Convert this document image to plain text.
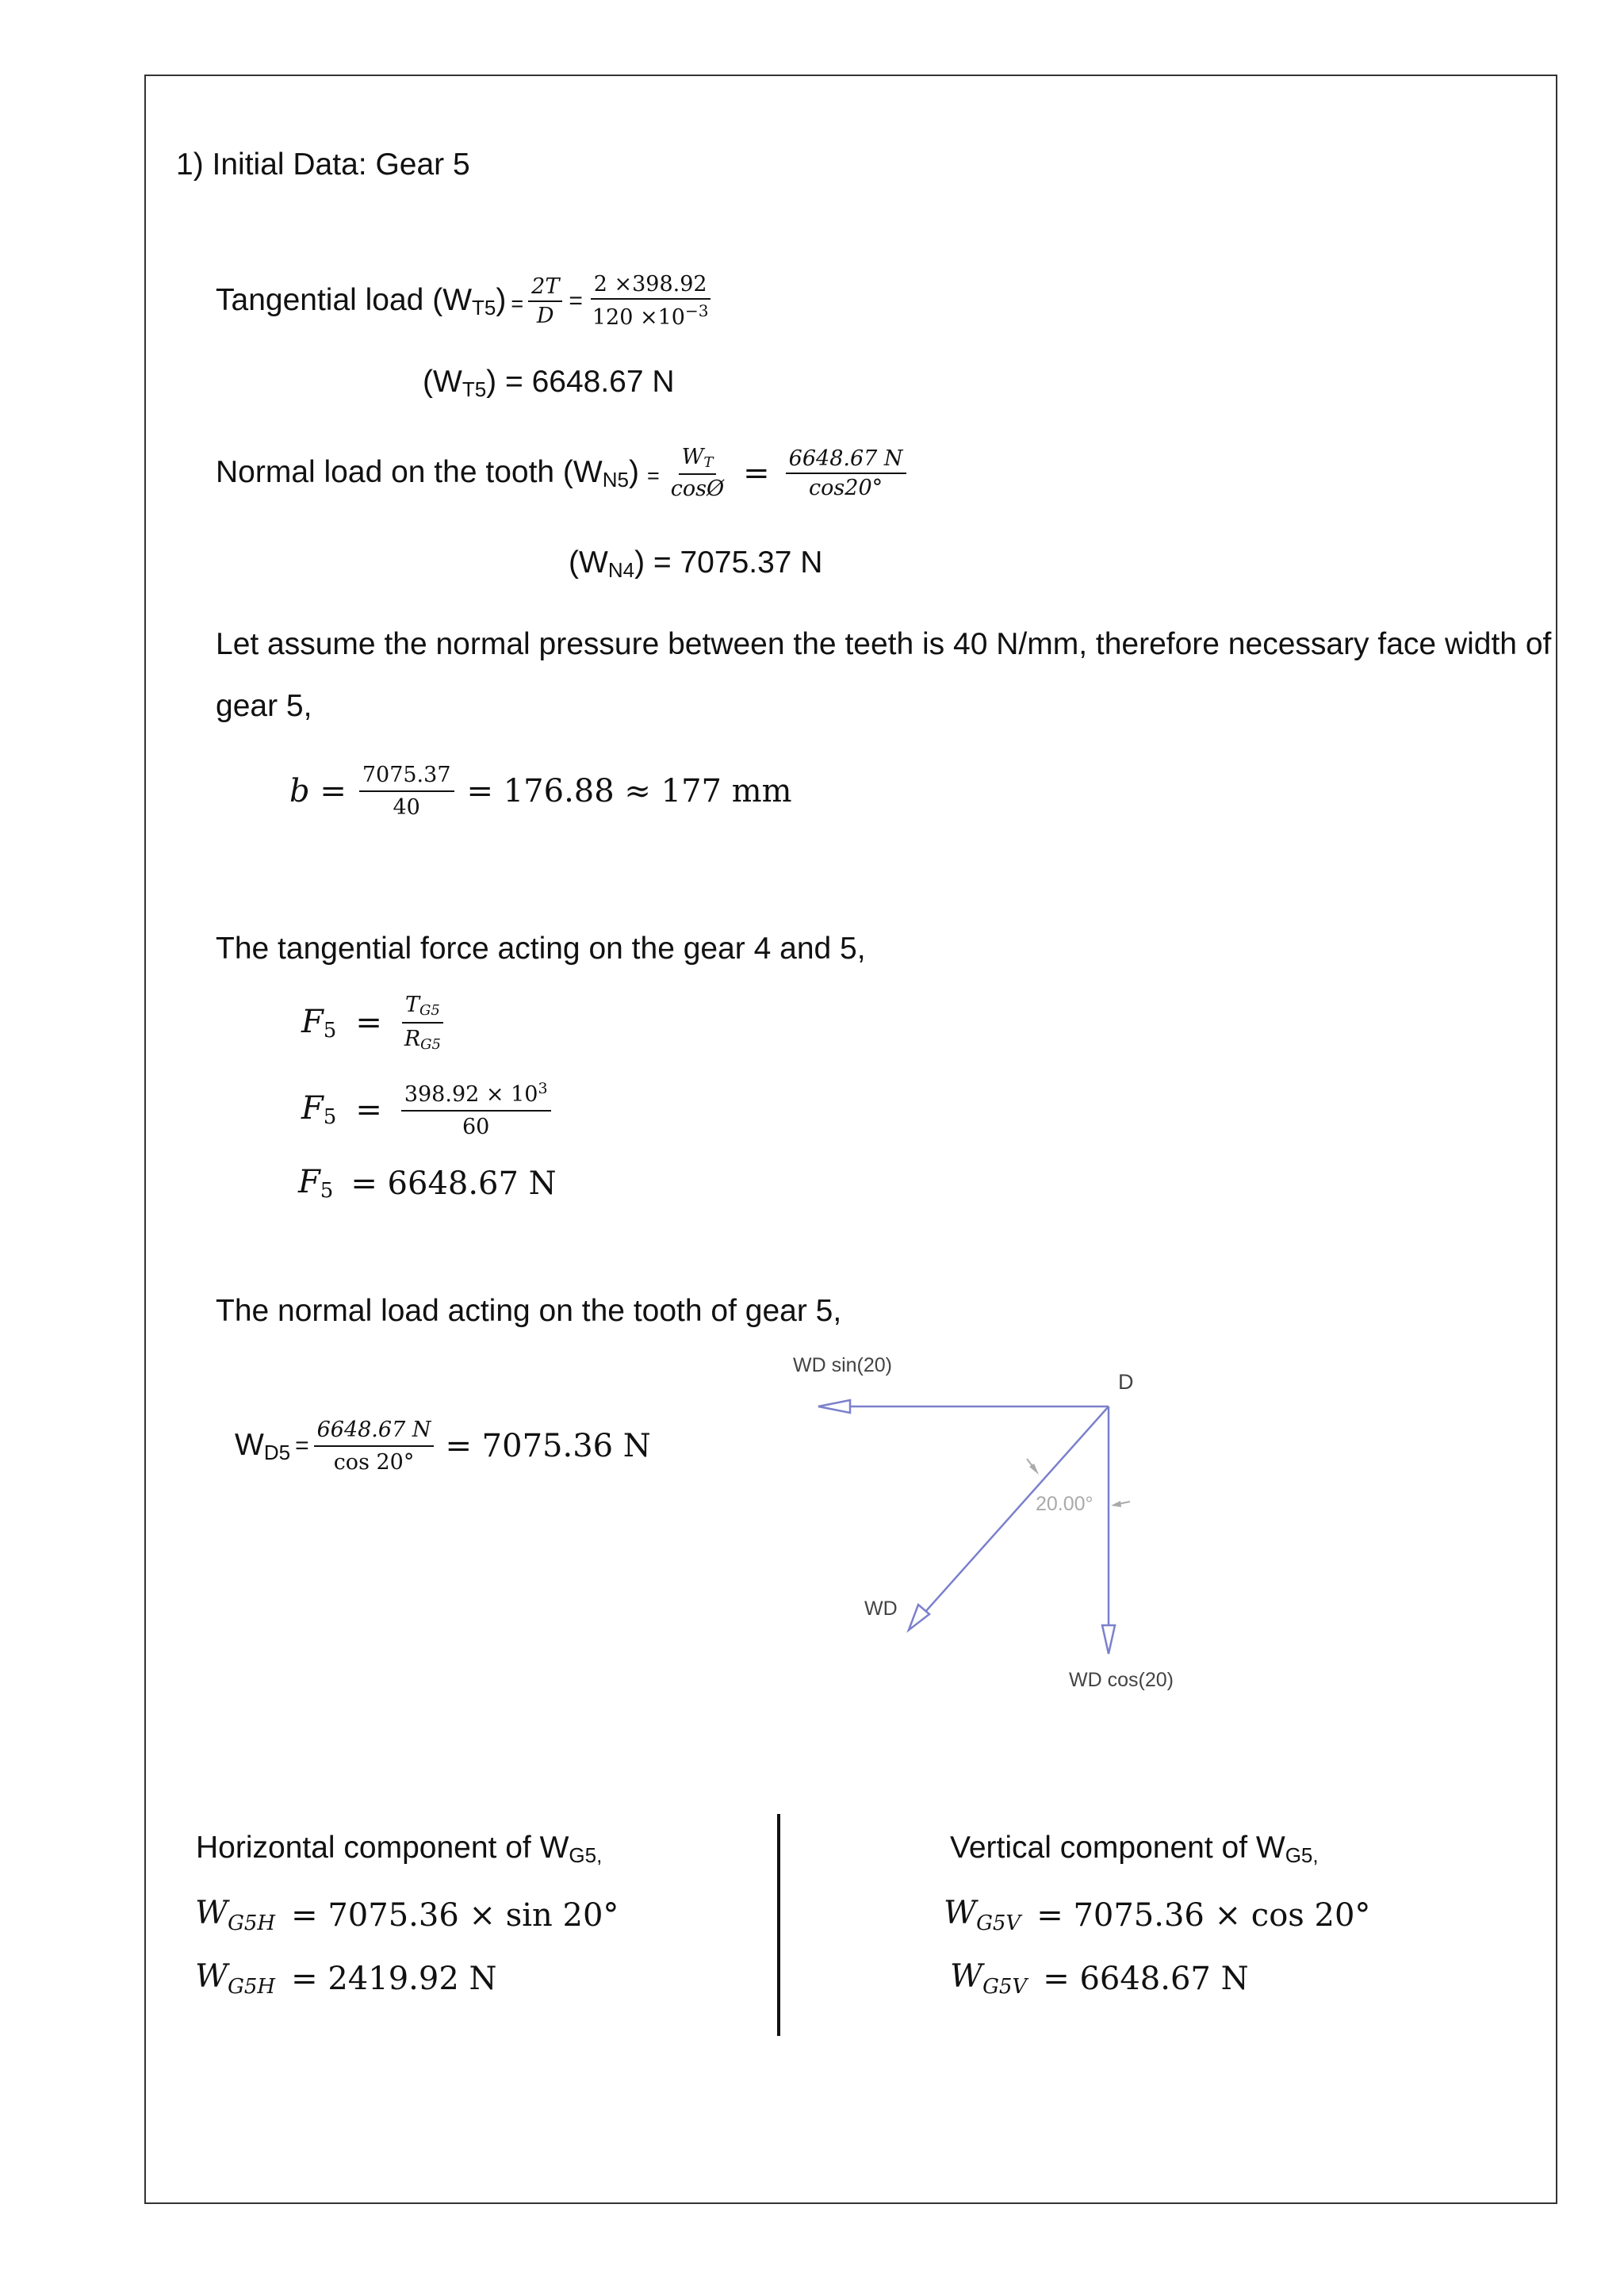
1) Initial Data: Gear 5
Tangential load $(W_{T5}) = \frac{2T}{D} = \frac{2 \times 398.92}{120 \times 10^{-3}}$
$(W_{T5}) = 6648.67$ N
Normal load on the tooth $(W_{N5}) = \frac{WT}{\cos Ø} = \frac{6648.67 N}{\cos 20^\circ}$
$(W_{N4}) = 7075.37$ N
Let assume the normal pressure between the teeth is 40 N/mm, therefore necessary face width of
gear 5,
$b = \frac{7075.37}{40} = 176.88 \approx 177$ mm
The tangential force acting on the gear 4 and 5,
$F_5 = \frac{TG5}{RG5}$
$F_5 = \frac{398.92 \times 10^3}{60}$
$F_5 = 6648.67$ N
The normal load acting on the tooth of gear 5,
$W_{D5} = \frac{6648.67 N}{\cos 20^\circ} = 7075.36$ N
WD sin(20)
D
20.00°
WD
WD cos(20)
Horizontal component of $W_{G5,}$
$W_{G5H} = 7075.36 \times \sin 20^\circ$
$W_{G5H} = 2419.92$ N
Vertical component of $W_{G5,}$
$W_{G5V} = 7075.36 \times \cos 20^\circ$
$W_{G5V} = 6648.67$ N
